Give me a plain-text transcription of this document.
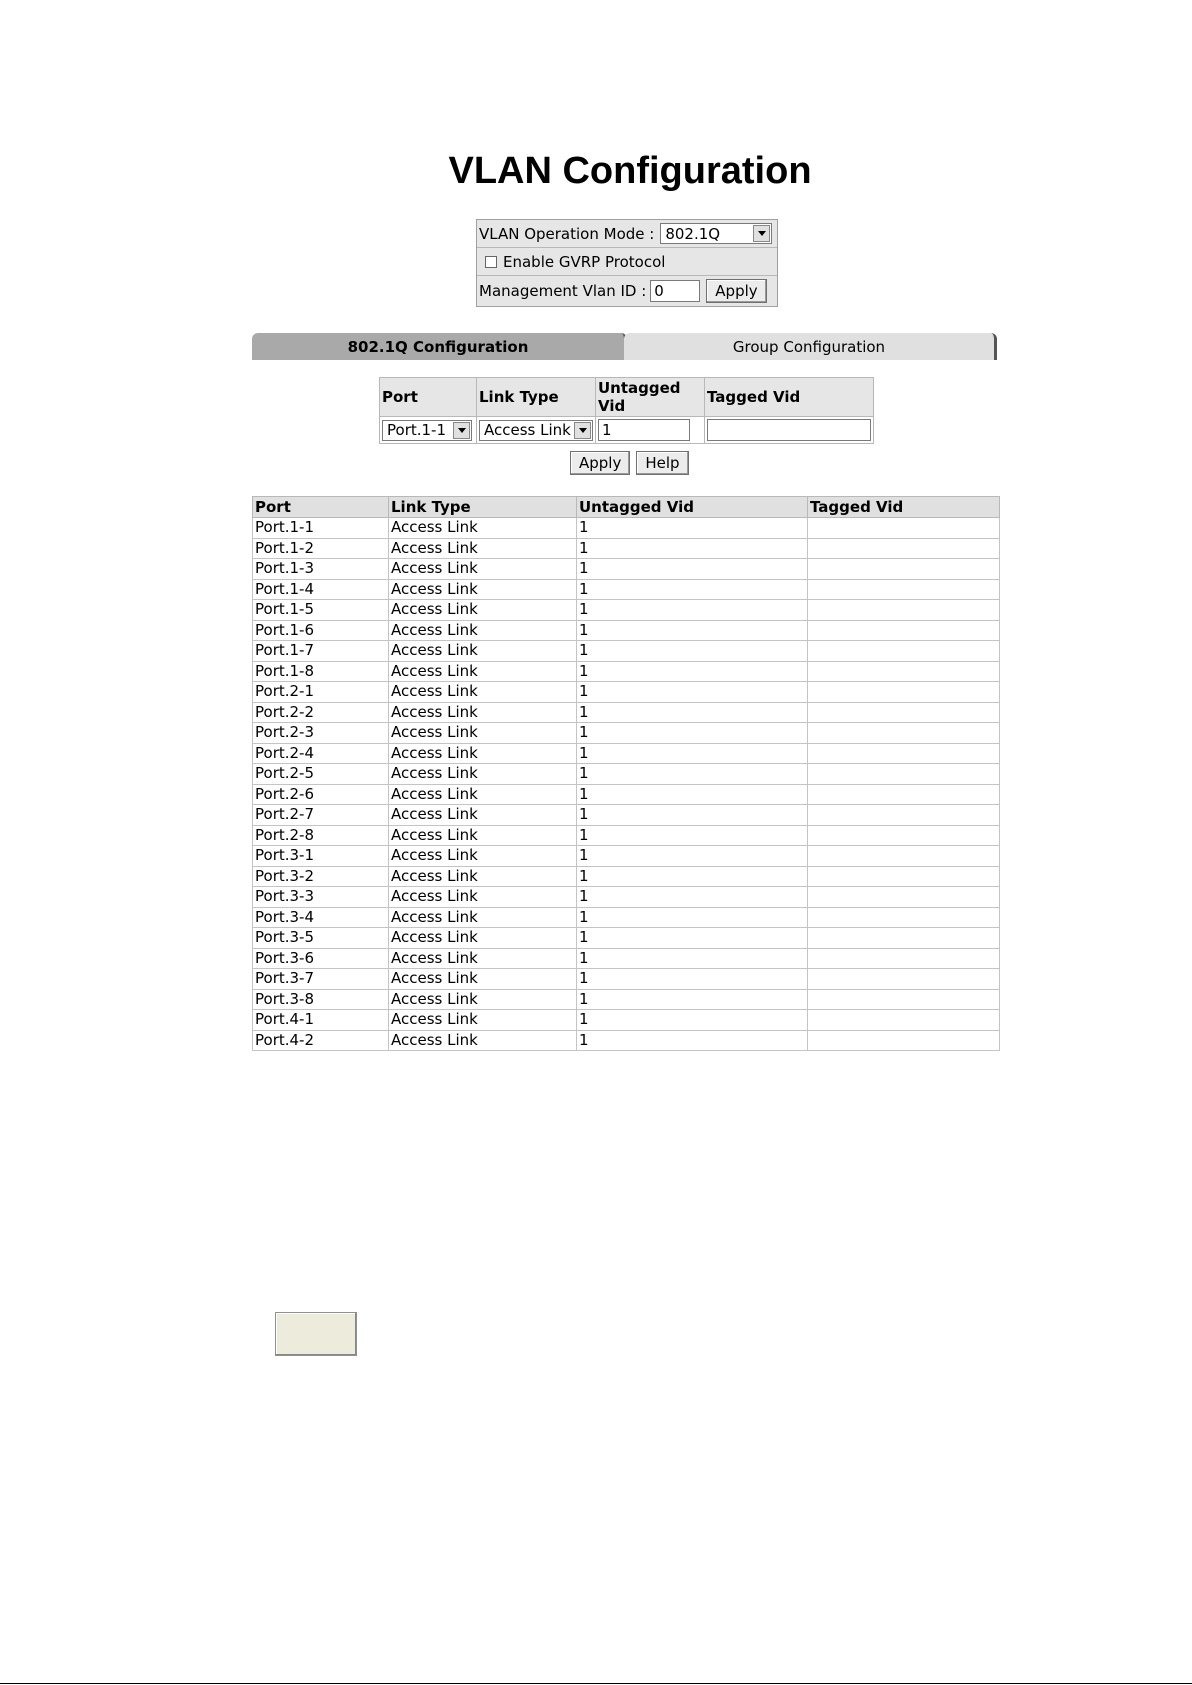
VLAN Configuration
VLAN Operation Mode : 802.1Q
Enable GVRP Protocol
Management Vlan ID : 0	Apply
802.1Q Configuration	Group Configuration
Port	Link Type	Untagged Vid	Tagged Vid

Port.1-1	Access Link	1	

Apply	Help
Port	Link Type	Untagged Vid	Tagged Vid
Port.1-1	Access Link	1	
Port.1-2	Access Link	1	
Port.1-3	Access Link	1	
Port.1-4	Access Link	1	
Port.1-5	Access Link	1	
Port.1-6	Access Link	1	
Port.1-7	Access Link	1	
Port.1-8	Access Link	1	
Port.2-1	Access Link	1	
Port.2-2	Access Link	1	
Port.2-3	Access Link	1	
Port.2-4	Access Link	1	
Port.2-5	Access Link	1	
Port.2-6	Access Link	1	
Port.2-7	Access Link	1	
Port.2-8	Access Link	1	
Port.3-1	Access Link	1	
Port.3-2	Access Link	1	
Port.3-3	Access Link	1	
Port.3-4	Access Link	1	
Port.3-5	Access Link	1	
Port.3-6	Access Link	1	
Port.3-7	Access Link	1	
Port.3-8	Access Link	1	
Port.4-1	Access Link	1	
Port.4-2	Access Link	1	
